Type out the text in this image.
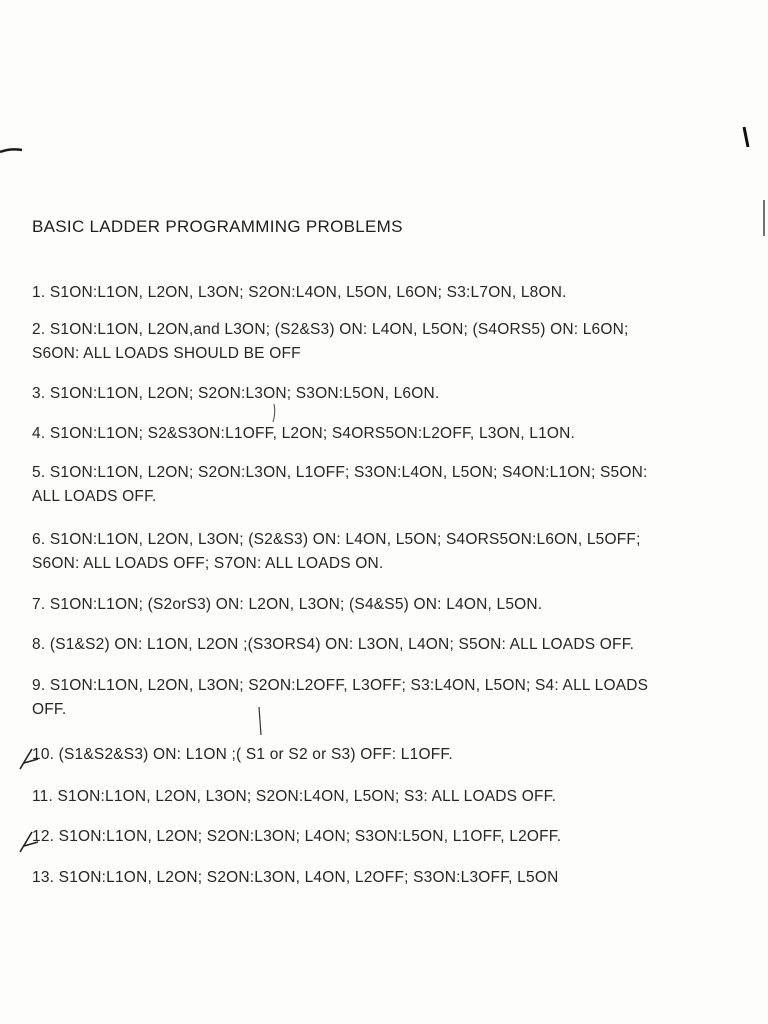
BASIC LADDER PROGRAMMING PROBLEMS
1. S1ON:L1ON, L2ON, L3ON; S2ON:L4ON, L5ON, L6ON; S3:L7ON, L8ON.
2. S1ON:L1ON, L2ON,and L3ON; (S2&S3) ON: L4ON, L5ON; (S4ORS5) ON: L6ON;
S6ON: ALL LOADS SHOULD BE OFF
3. S1ON:L1ON, L2ON; S2ON:L3ON; S3ON:L5ON, L6ON.
4. S1ON:L1ON; S2&S3ON:L1OFF, L2ON; S4ORS5ON:L2OFF, L3ON, L1ON.
5. S1ON:L1ON, L2ON; S2ON:L3ON, L1OFF; S3ON:L4ON, L5ON; S4ON:L1ON; S5ON:
ALL LOADS OFF.
6. S1ON:L1ON, L2ON, L3ON; (S2&S3) ON: L4ON, L5ON; S4ORS5ON:L6ON, L5OFF;
S6ON: ALL LOADS OFF; S7ON: ALL LOADS ON.
7. S1ON:L1ON; (S2orS3) ON: L2ON, L3ON; (S4&S5) ON: L4ON, L5ON.
8. (S1&S2) ON: L1ON, L2ON ;(S3ORS4) ON: L3ON, L4ON; S5ON: ALL LOADS OFF.
9. S1ON:L1ON, L2ON, L3ON; S2ON:L2OFF, L3OFF; S3:L4ON, L5ON; S4: ALL LOADS
OFF.
10. (S1&S2&S3) ON: L1ON ;( S1 or S2 or S3) OFF: L1OFF.
11. S1ON:L1ON, L2ON, L3ON; S2ON:L4ON, L5ON; S3: ALL LOADS OFF.
12. S1ON:L1ON, L2ON; S2ON:L3ON; L4ON; S3ON:L5ON, L1OFF, L2OFF.
13. S1ON:L1ON, L2ON; S2ON:L3ON, L4ON, L2OFF; S3ON:L3OFF, L5ON
